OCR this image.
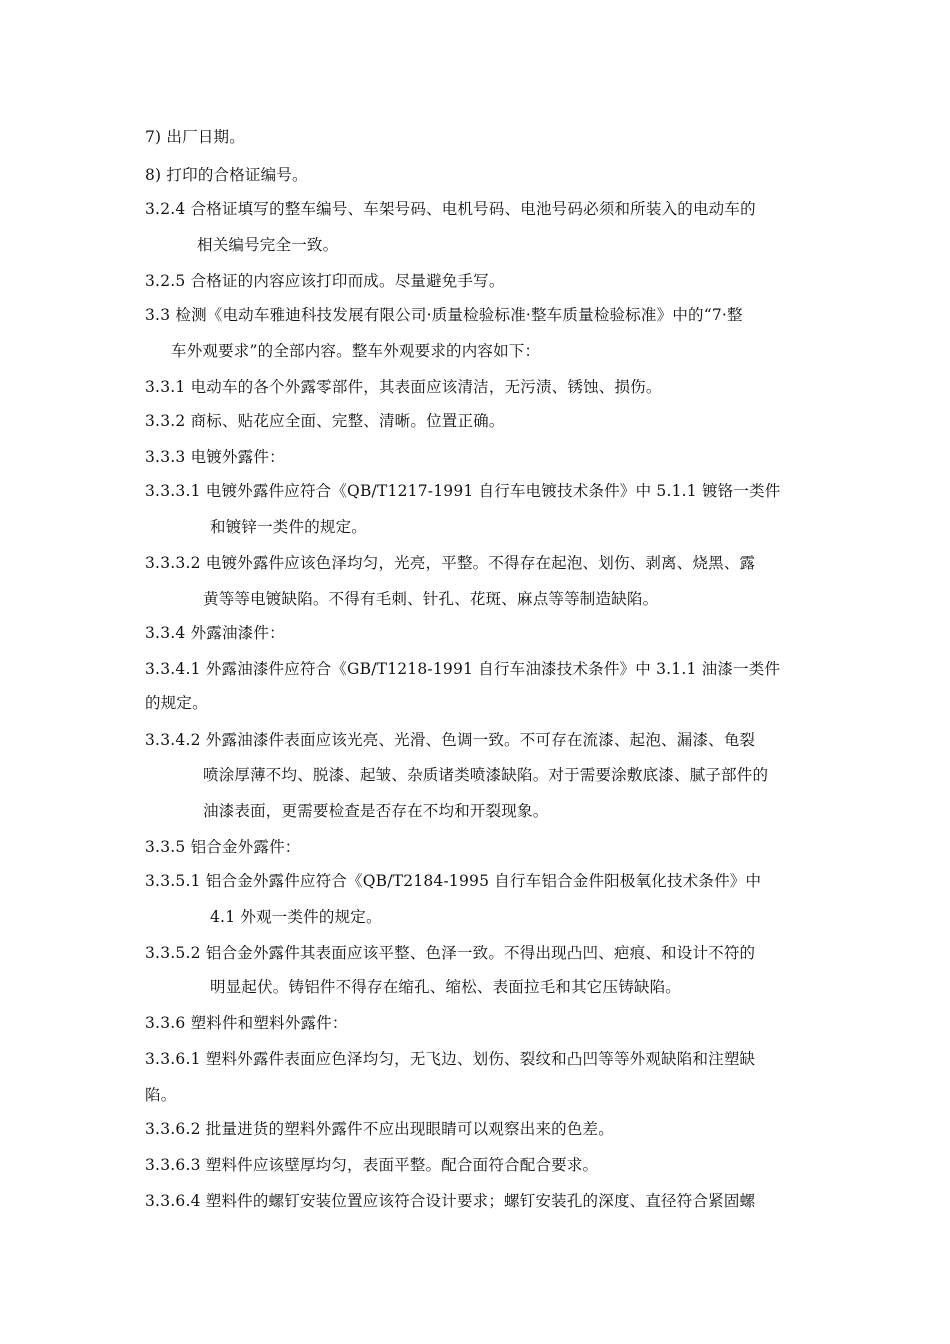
7) 出厂日期。
8) 打印的合格证编号。
3.2.4 合格证填写的整车编号、车架号码、电机号码、电池号码必须和所装入的电动车的
相关编号完全一致。
3.2.5 合格证的内容应该打印而成。尽量避免手写。
3.3 检测《电动车雅迪科技发展有限公司·质量检验标准·整车质量检验标准》中的“7·整
车外观要求”的全部内容。整车外观要求的内容如下：
3.3.1 电动车的各个外露零部件，其表面应该清洁，无污渍、锈蚀、损伤。
3.3.2 商标、贴花应全面、完整、清晰。位置正确。
3.3.3 电镀外露件：
3.3.3.1 电镀外露件应符合《QB/T1217-1991 自行车电镀技术条件》中 5.1.1 镀铬一类件
和镀锌一类件的规定。
3.3.3.2 电镀外露件应该色泽均匀，光亮，平整。不得存在起泡、划伤、剥离、烧黑、露
黄等等电镀缺陷。不得有毛刺、针孔、花斑、麻点等等制造缺陷。
3.3.4 外露油漆件：
3.3.4.1 外露油漆件应符合《GB/T1218-1991 自行车油漆技术条件》中 3.1.1 油漆一类件
的规定。
3.3.4.2 外露油漆件表面应该光亮、光滑、色调一致。不可存在流漆、起泡、漏漆、龟裂
喷涂厚薄不均、脱漆、起皱、杂质诸类喷漆缺陷。对于需要涂敷底漆、腻子部件的
油漆表面，更需要检查是否存在不均和开裂现象。
3.3.5 铝合金外露件：
3.3.5.1 铝合金外露件应符合《QB/T2184-1995 自行车铝合金件阳极氧化技术条件》中
4.1 外观一类件的规定。
3.3.5.2 铝合金外露件其表面应该平整、色泽一致。不得出现凸凹、疤痕、和设计不符的
明显起伏。铸铝件不得存在缩孔、缩松、表面拉毛和其它压铸缺陷。
3.3.6 塑料件和塑料外露件：
3.3.6.1 塑料外露件表面应色泽均匀，无飞边、划伤、裂纹和凸凹等等外观缺陷和注塑缺
陷。
3.3.6.2 批量进货的塑料外露件不应出现眼睛可以观察出来的色差。
3.3.6.3 塑料件应该壁厚均匀，表面平整。配合面符合配合要求。
3.3.6.4 塑料件的螺钉安装位置应该符合设计要求；螺钉安装孔的深度、直径符合紧固螺
